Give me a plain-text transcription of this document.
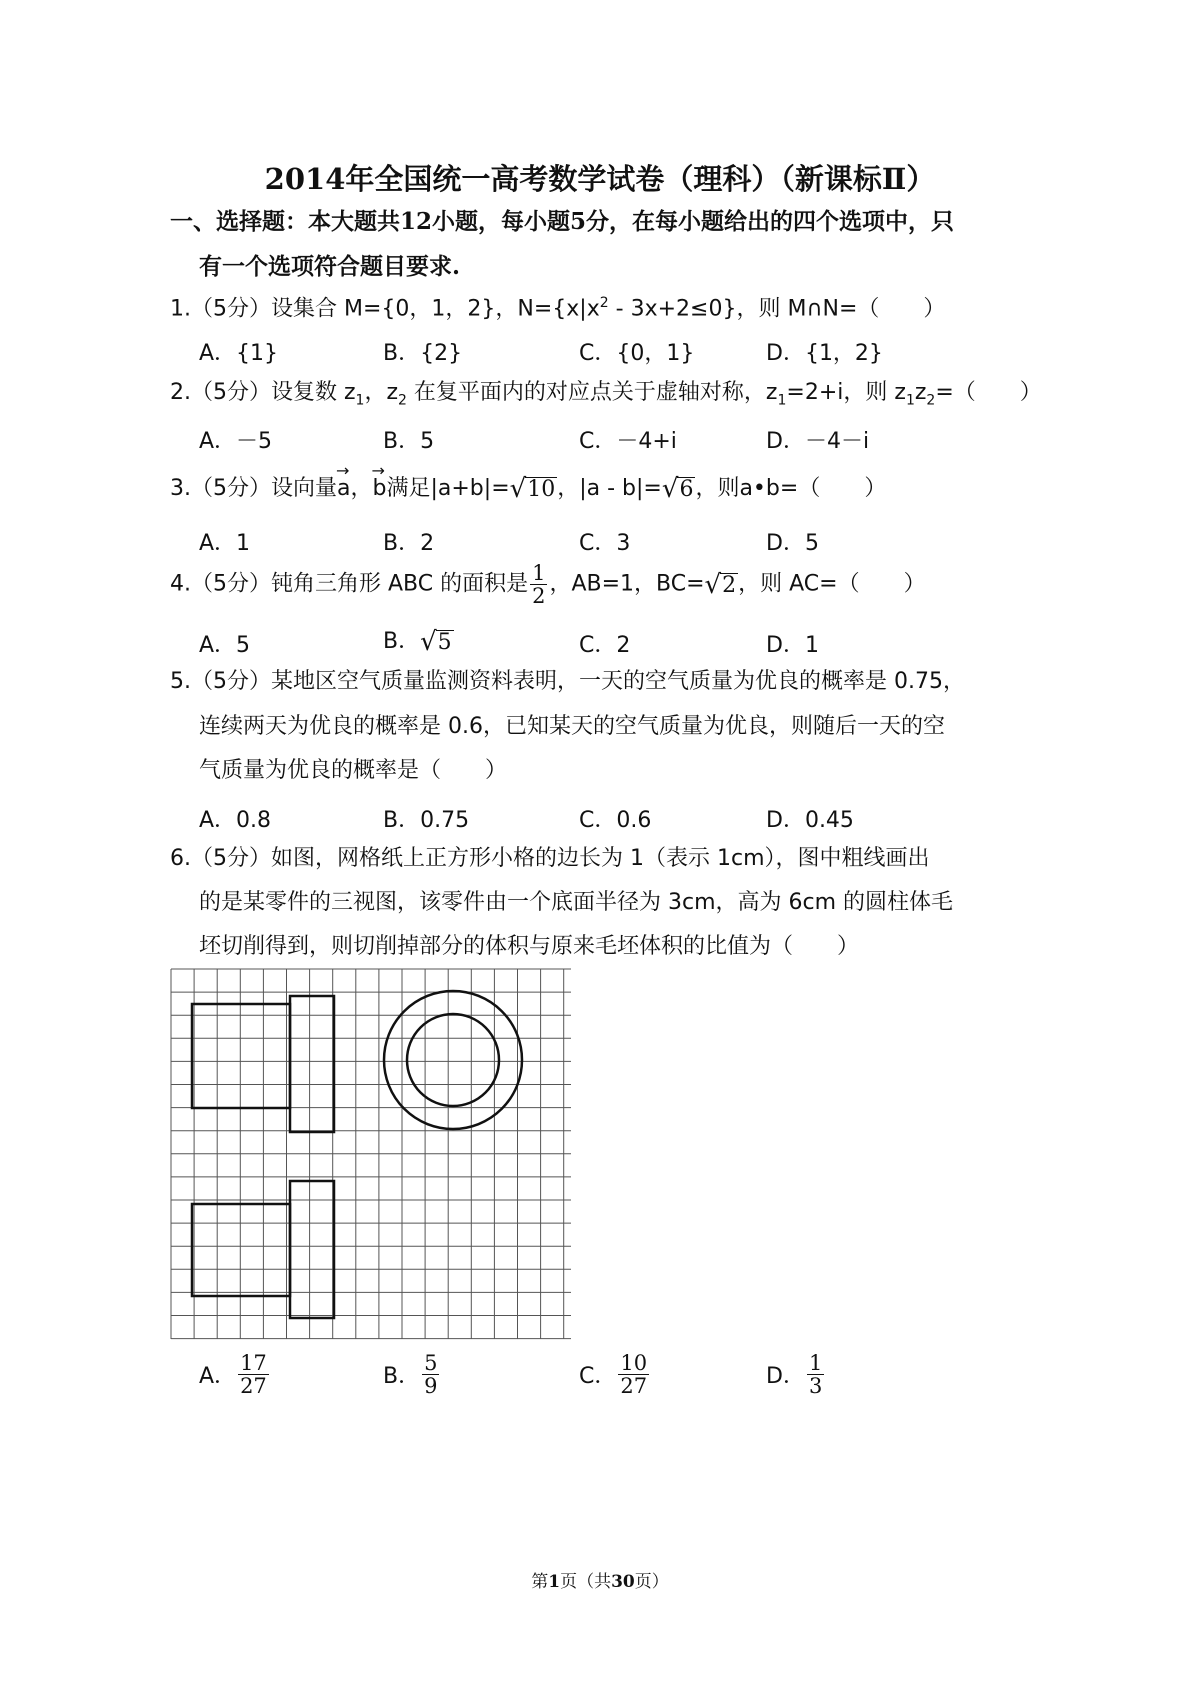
2014年全国统一高考数学试卷（理科）（新课标Ⅱ）
一、选择题：本大题共12小题，每小题5分，在每小题给出的四个选项中，只
有一个选项符合题目要求.
1.（5分）设集合 M={0，1，2}，$N=\{x|x^2 - 3x+2\le 0\}$，则 M∩N=（　　）
A．{1}	B．{2}	C．{0，1}	D．{1，2}
2.（5分）设复数 $z_1$，$z_2$ 在复平面内的对应点关于虚轴对称，$z_1=2+i$，则 $z_1z_2=$（　　）
A．－5	B．5	C．－4+i	D．－4－i
3.（5分）设向量→ a，→ b满足|a+b|= √ 10 ，|a - b|= √ 6 ，则a•b=（　　）
A．1	B．2	C．3	D．5
4.（5分）钝角三角形 ABC 的面积是 $\frac{1}{2}$ ，AB=1，BC= √ 2 ，则 AC=（　　）
A．5	B． √ 5	C．2	D．1
5.（5分）某地区空气质量监测资料表明，一天的空气质量为优良的概率是 0.75，
连续两天为优良的概率是 0.6，已知某天的空气质量为优良，则随后一天的空
气质量为优良的概率是（　　）
A．0.8	B．0.75	C．0.6	D．0.45
6.（5分）如图，网格纸上正方形小格的边长为 1（表示 1cm），图中粗线画出
的是某零件的三视图，该零件由一个底面半径为 3cm，高为 6cm 的圆柱体毛
坯切削得到，则切削掉部分的体积与原来毛坯体积的比值为（　　）
A． $\frac{17}{27}$	B． $\frac{5}{9}$	C． $\frac{10}{27}$	D． $\frac{1}{3}$
第1页（共30页）
